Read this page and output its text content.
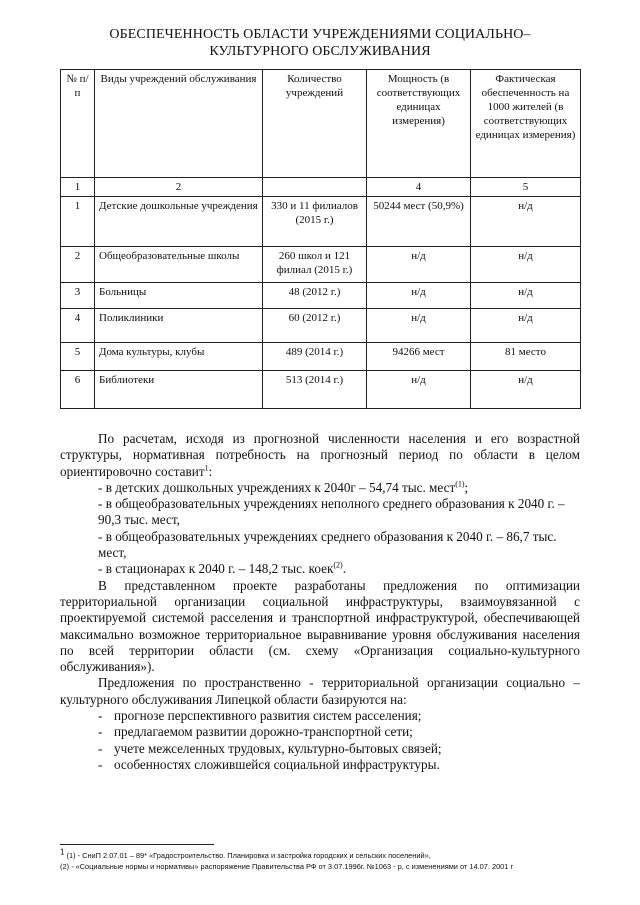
ОБЕСПЕЧЕННОСТЬ ОБЛАСТИ УЧРЕЖДЕНИЯМИ СОЦИАЛЬНО–
КУЛЬТУРНОГО ОБСЛУЖИВАНИЯ
№ п/п	Виды учреждений обслуживания	Количество учреждений	Мощность (в соответствующих единицах измерения)	Фактическая обеспеченность на 1000 жителей (в соответствующих единицах измерения)
1	2		4	5
1	Детские дошкольные учреждения	330 и 11 филиалов (2015 г.)	50244 мест (50,9%)	н/д
2	Общеобразовательные школы	260 школ и 121 филиал (2015 г.)	н/д	н/д
3	Больницы	48 (2012 г.)	н/д	н/д
4	Поликлиники	60 (2012 г.)	н/д	н/д
5	Дома культуры, клубы	489 (2014 г.)	94266 мест	81 место
6	Библиотеки	513 (2014 г.)	н/д	н/д

По расчетам, исходя из прогнозной численности населения и его возрастной структуры, нормативная потребность на прогнозный период по области в целом ориентировочно составит$^1$:

- в детских дошкольных учреждениях к 2040г – 54,74 тыс. мест$^{(1)}$;

- в общеобразовательных учреждениях неполного среднего образования к 2040 г. – 90,3 тыс. мест,

- в общеобразовательных учреждениях среднего образования к 2040 г. – 86,7 тыс. мест,

- в стационарах к 2040 г. – 148,2 тыс. коек$^{(2)}$.

В представленном проекте разработаны предложения по оптимизации территориальной организации социальной инфраструктуры, взаимоувязанной с проектируемой системой расселения и транспортной инфраструктурой, обеспечивающей максимально возможное территориальное выравнивание уровня обслуживания населения по всей территории области (см. схему «Организация социально-культурного обслуживания»).

Предложения по пространственно - территориальной организации социально – культурного обслуживания Липецкой области базируются на:

- прогнозе перспективного развития систем расселения;
- предлагаемом развитии дорожно-транспортной сети;
- учете межселенных трудовых, культурно-бытовых связей;
- особенностях сложившейся социальной инфраструктуры.
$^1$ (1) - СниП 2.07.01 – 89* «Градостроительство. Планировка и застройка городских и сельских поселений»,
(2) - «Социальные нормы и нормативы» распоряжение Правительства РФ от 3.07.1996г. №1063 - р, с изменениями от 14.07. 2001 г
